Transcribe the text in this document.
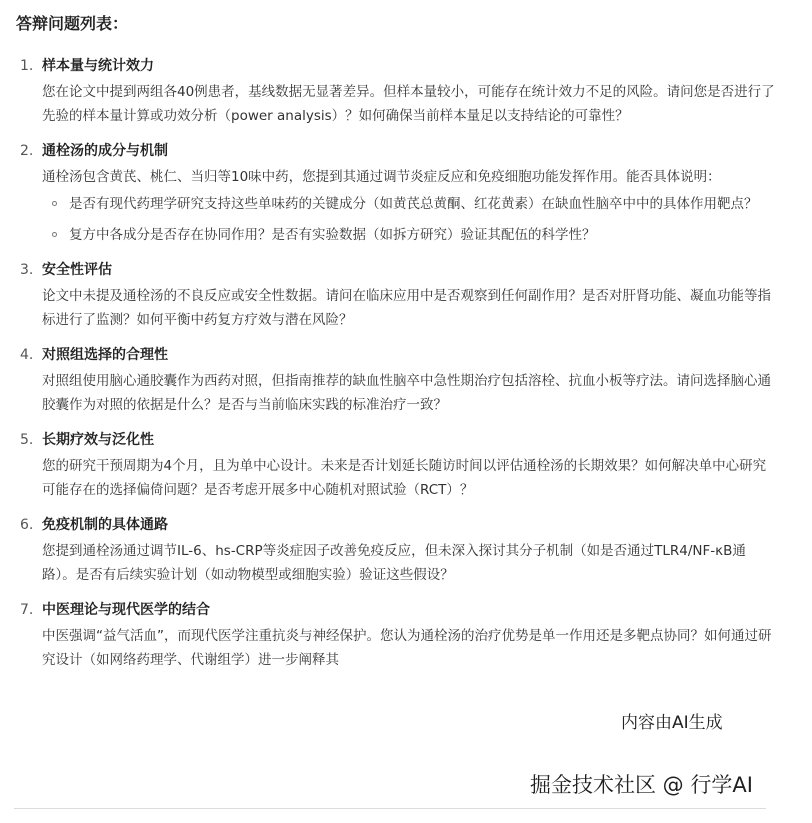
答辩问题列表：
1. 样本量与统计效力
您在论文中提到两组各40例患者，基线数据无显著差异。但样本量较小，可能存在统计效力不足的风险。请问您是否进行了先验的样本量计算或功效分析（power analysis）？如何确保当前样本量足以支持结论的可靠性？
2. 通栓汤的成分与机制
通栓汤包含黄芪、桃仁、当归等10味中药，您提到其通过调节炎症反应和免疫细胞功能发挥作用。能否具体说明：
是否有现代药理学研究支持这些单味药的关键成分（如黄芪总黄酮、红花黄素）在缺血性脑卒中中的具体作用靶点？
复方中各成分是否存在协同作用？是否有实验数据（如拆方研究）验证其配伍的科学性？
3. 安全性评估
论文中未提及通栓汤的不良反应或安全性数据。请问在临床应用中是否观察到任何副作用？是否对肝肾功能、凝血功能等指标进行了监测？如何平衡中药复方疗效与潜在风险？
4. 对照组选择的合理性
对照组使用脑心通胶囊作为西药对照，但指南推荐的缺血性脑卒中急性期治疗包括溶栓、抗血小板等疗法。请问选择脑心通胶囊作为对照的依据是什么？是否与当前临床实践的标准治疗一致？
5. 长期疗效与泛化性
您的研究干预周期为4个月，且为单中心设计。未来是否计划延长随访时间以评估通栓汤的长期效果？如何解决单中心研究可能存在的选择偏倚问题？是否考虑开展多中心随机对照试验（RCT）？
6. 免疫机制的具体通路
您提到通栓汤通过调节IL-6、hs-CRP等炎症因子改善免疫反应，但未深入探讨其分子机制（如是否通过TLR4/NF-κB通路）。是否有后续实验计划（如动物模型或细胞实验）验证这些假设？
7. 中医理论与现代医学的结合
中医强调“益气活血”，而现代医学注重抗炎与神经保护。您认为通栓汤的治疗优势是单一作用还是多靶点协同？如何通过研究设计（如网络药理学、代谢组学）进一步阐释其
内容由AI生成
掘金技术社区 @ 行学AI
